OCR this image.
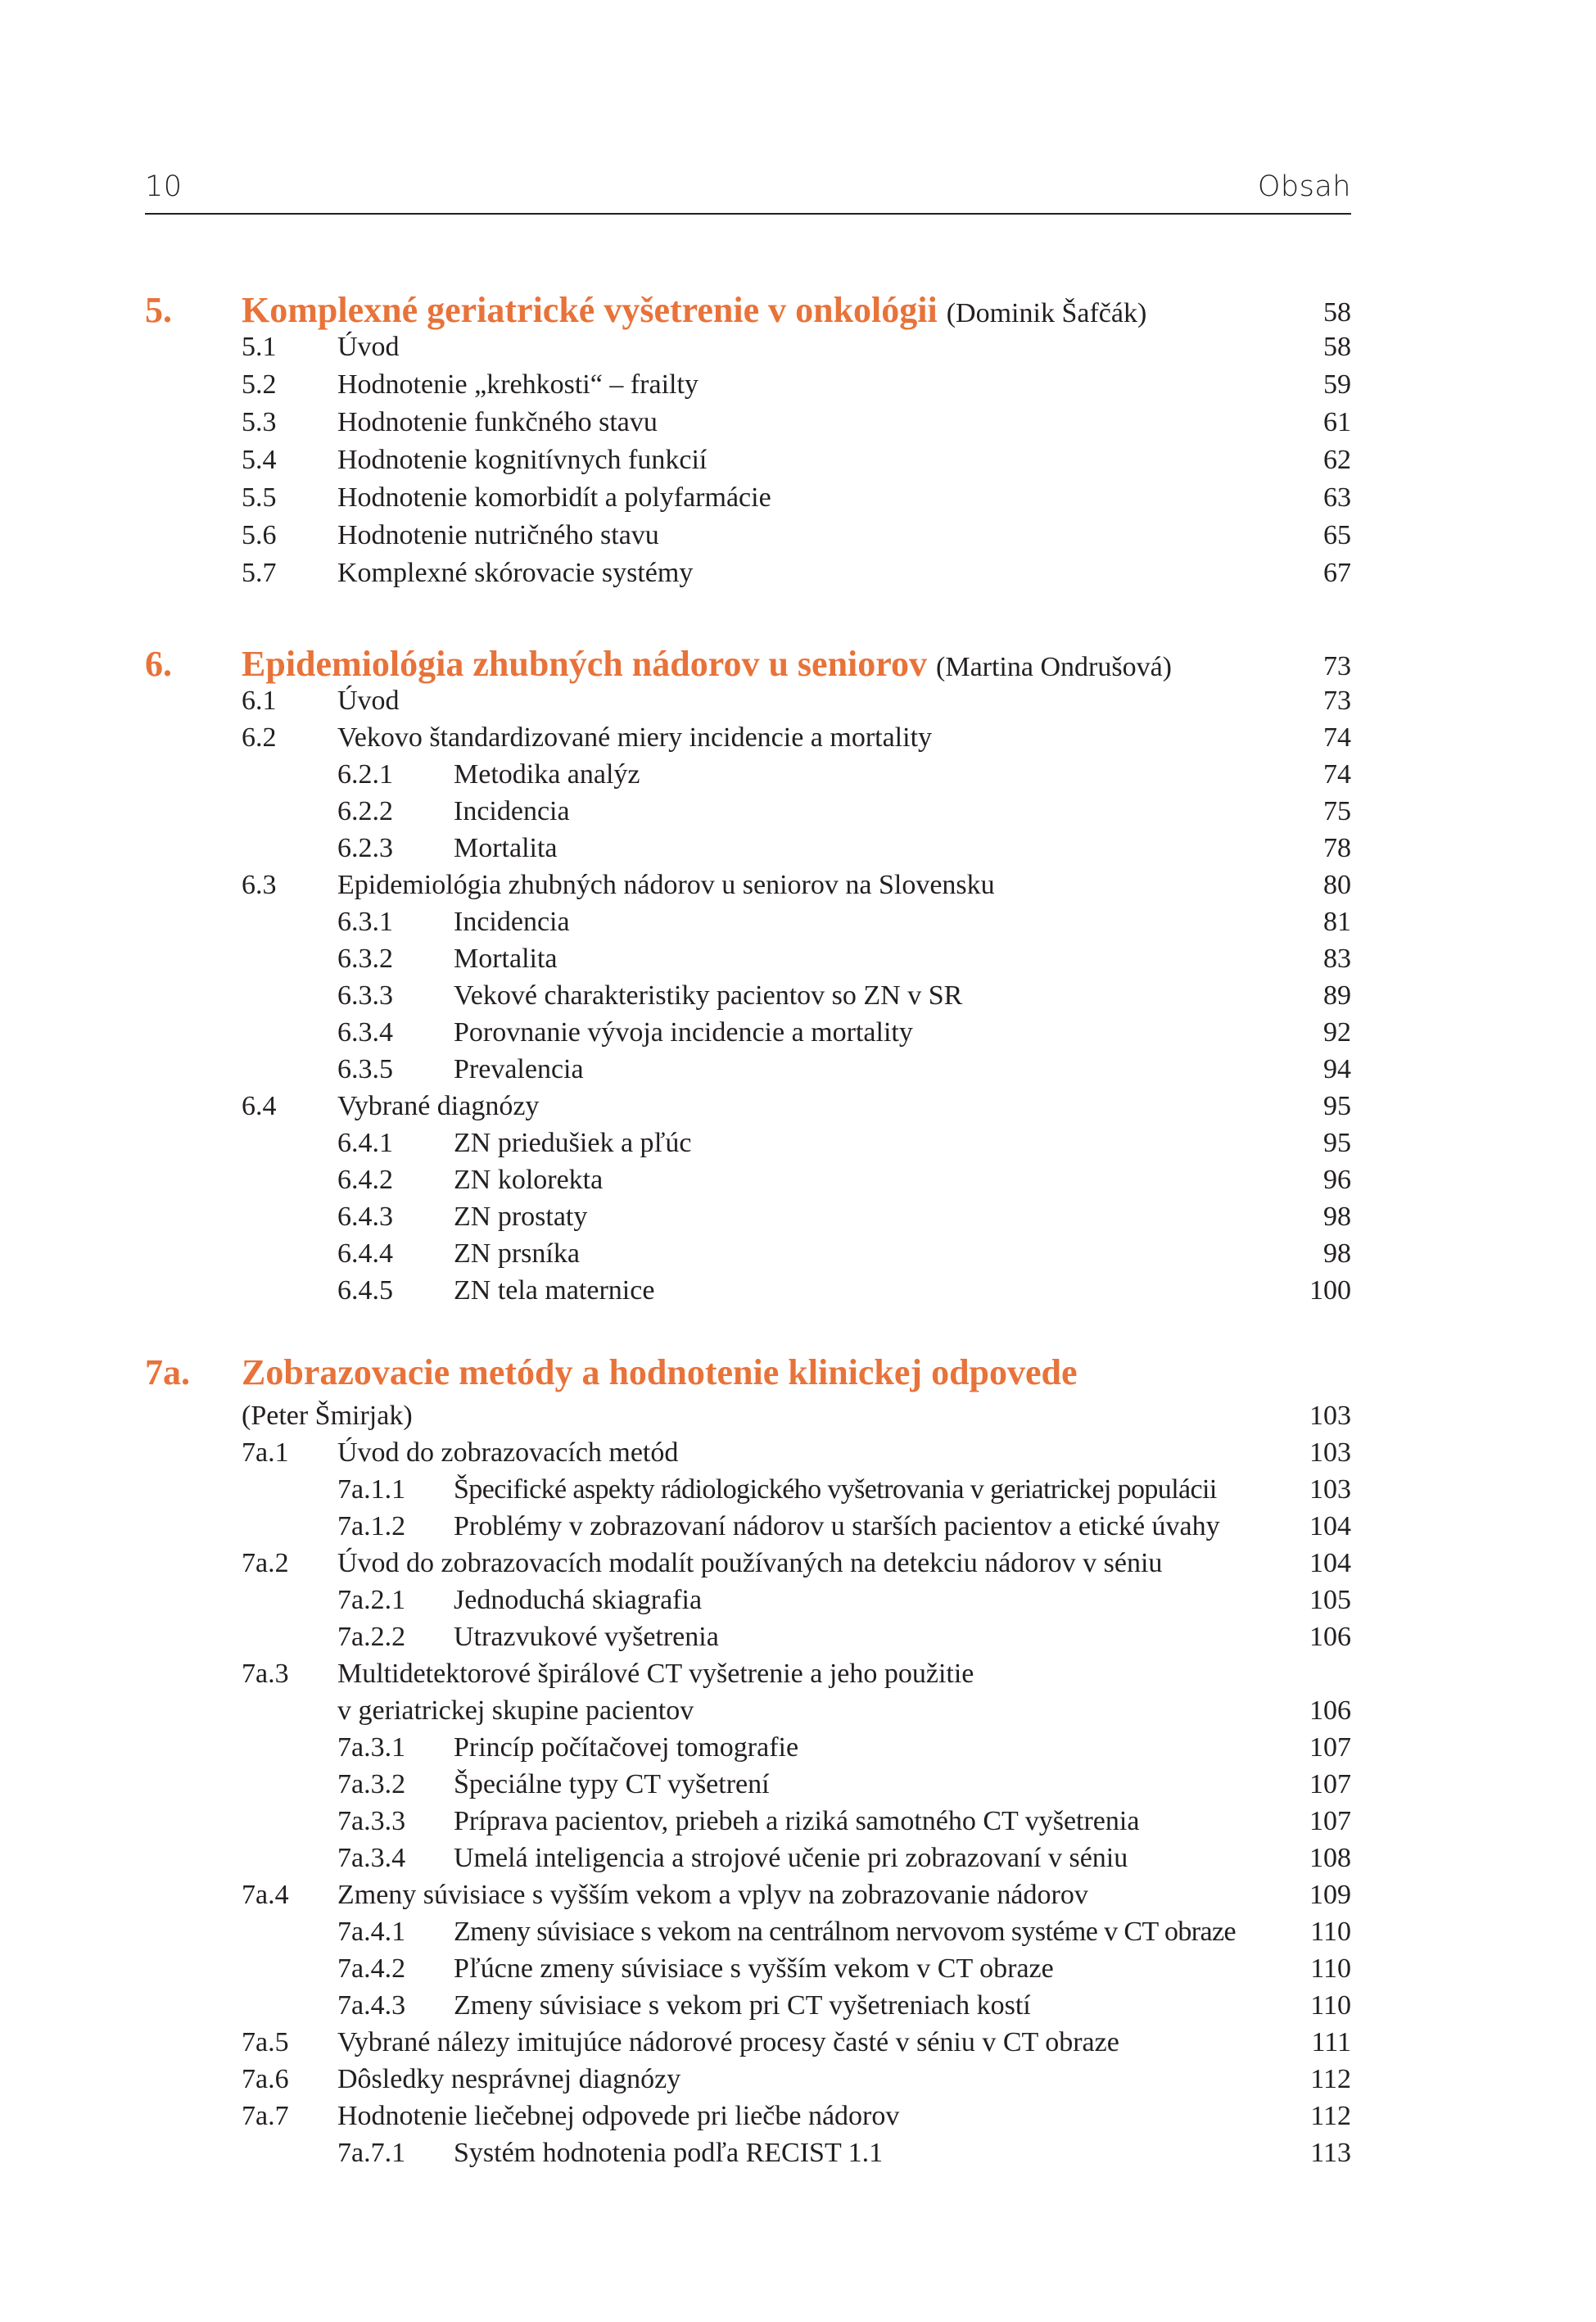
10	Obsah
5. Komplexné geriatrické vyšetrenie v onkológii (Dominik Šafčák)	58
5.1 Úvod	58
5.2 Hodnotenie „krehkosti“ – frailty	59
5.3 Hodnotenie funkčného stavu	61
5.4 Hodnotenie kognitívnych funkcií	62
5.5 Hodnotenie komorbidít a polyfarmácie	63
5.6 Hodnotenie nutričného stavu	65
5.7 Komplexné skórovacie systémy	67
6. Epidemiológia zhubných nádorov u seniorov (Martina Ondrušová)	73
6.1 Úvod	73
6.2 Vekovo štandardizované miery incidencie a mortality	74
6.2.1 Metodika analýz	74
6.2.2 Incidencia	75
6.2.3 Mortalita	78
6.3 Epidemiológia zhubných nádorov u seniorov na Slovensku	80
6.3.1 Incidencia	81
6.3.2 Mortalita	83
6.3.3 Vekové charakteristiky pacientov so ZN v SR	89
6.3.4 Porovnanie vývoja incidencie a mortality	92
6.3.5 Prevalencia	94
6.4 Vybrané diagnózy	95
6.4.1 ZN priedušiek a pľúc	95
6.4.2 ZN kolorekta	96
6.4.3 ZN prostaty	98
6.4.4 ZN prsníka	98
6.4.5 ZN tela maternice	100
7a. Zobrazovacie metódy a hodnotenie klinickej odpovede
(Peter Šmirjak)	103
7a.1 Úvod do zobrazovacích metód	103
7a.1.1 Špecifické aspekty rádiologického vyšetrovania v geriatrickej populácii	103
7a.1.2 Problémy v zobrazovaní nádorov u starších pacientov a etické úvahy	104
7a.2 Úvod do zobrazovacích modalít používaných na detekciu nádorov v séniu	104
7a.2.1 Jednoduchá skiagrafia	105
7a.2.2 Utrazvukové vyšetrenia	106
7a.3 Multidetektorové špirálové CT vyšetrenie a jeho použitie
v geriatrickej skupine pacientov	106
7a.3.1 Princíp počítačovej tomografie	107
7a.3.2 Špeciálne typy CT vyšetrení	107
7a.3.3 Príprava pacientov, priebeh a riziká samotného CT vyšetrenia	107
7a.3.4 Umelá inteligencia a strojové učenie pri zobrazovaní v séniu	108
7a.4 Zmeny súvisiace s vyšším vekom a vplyv na zobrazovanie nádorov	109
7a.4.1 Zmeny súvisiace s vekom na centrálnom nervovom systéme v CT obraze	110
7a.4.2 Pľúcne zmeny súvisiace s vyšším vekom v CT obraze	110
7a.4.3 Zmeny súvisiace s vekom pri CT vyšetreniach kostí	110
7a.5 Vybrané nálezy imitujúce nádorové procesy časté v séniu v CT obraze	111
7a.6 Dôsledky nesprávnej diagnózy	112
7a.7 Hodnotenie liečebnej odpovede pri liečbe nádorov	112
7a.7.1 Systém hodnotenia podľa RECIST 1.1	113
